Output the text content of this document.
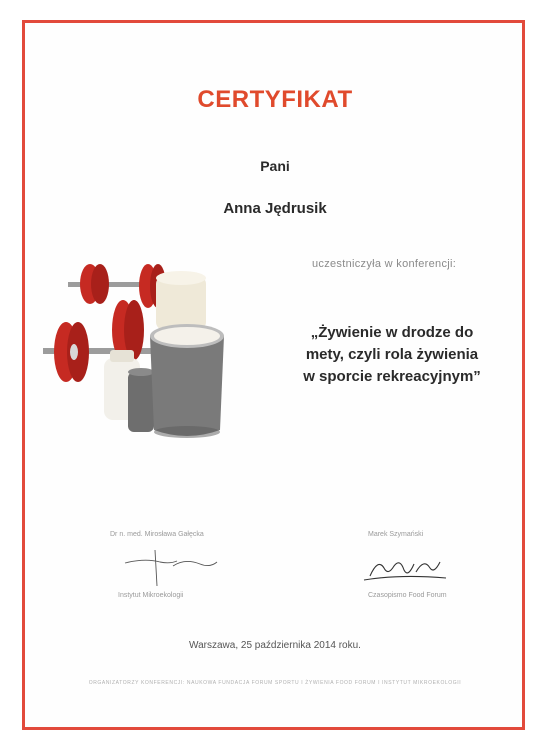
CERTYFIKAT
Pani
Anna Jędrusik
uczestniczyła w konferencji:
„Żywienie w drodze do
mety, czyli rola żywienia
w sporcie rekreacyjnym”
Dr n. med. Mirosława Gałęcka
Instytut Mikroekologii
Marek Szymański
Czasopismo Food Forum
Warszawa, 25 października 2014 roku.
ORGANIZATORZY KONFERENCJI: NAUKOWA FUNDACJA FORUM SPORTU I ŻYWIENIA FOOD FORUM I INSTYTUT MIKROEKOLOGII
